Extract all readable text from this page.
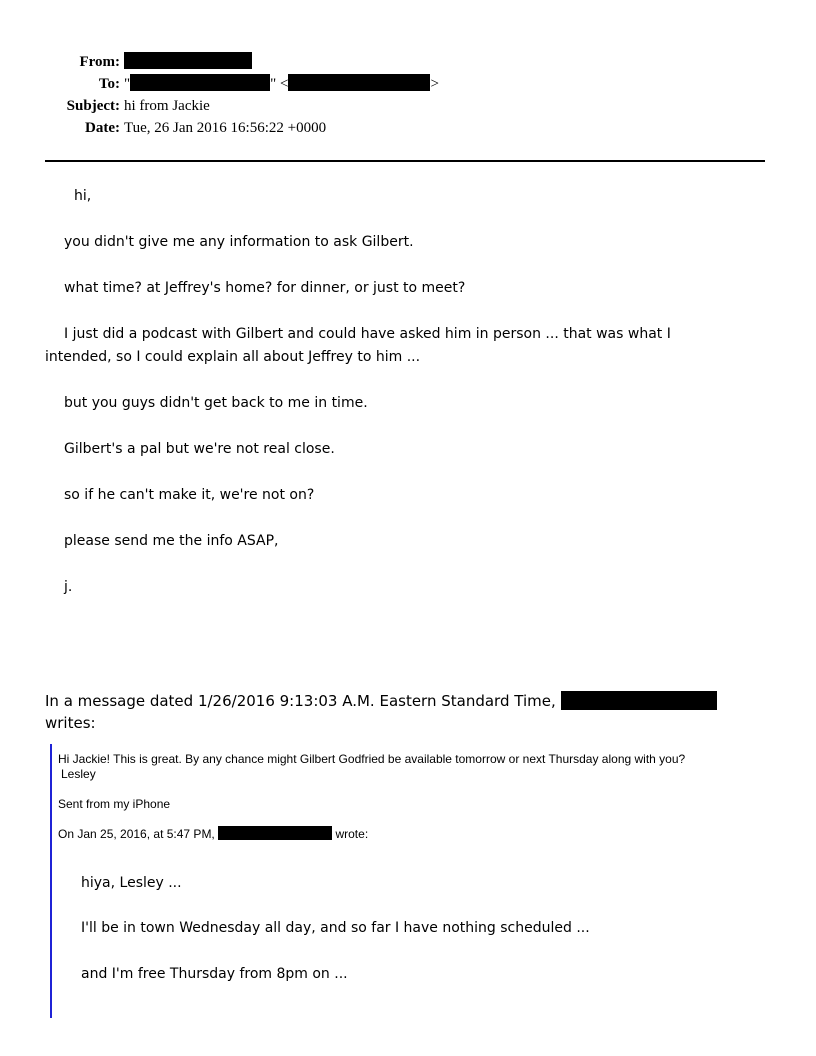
From:
To: "	" <	>
Subject: hi from Jackie
Date: Tue, 26 Jan 2016 16:56:22 +0000
hi,
you didn't give me any information to ask Gilbert.
what time? at Jeffrey's home? for dinner, or just to meet?
I just did a podcast with Gilbert and could have asked him in person ... that was what I
intended, so I could explain all about Jeffrey to him ...
but you guys didn't get back to me in time.
Gilbert's a pal but we're not real close.
so if he can't make it, we're not on?
please send me the info ASAP,
j.
In a message dated 1/26/2016 9:13:03 A.M. Eastern Standard Time,
writes:
Hi Jackie! This is great. By any chance might Gilbert Godfried be available tomorrow or next Thursday along with you?
Lesley
Sent from my iPhone
On Jan 25, 2016, at 5:47 PM,	wrote:
hiya, Lesley ...
I'll be in town Wednesday all day, and so far I have nothing scheduled ...
and I'm free Thursday from 8pm on ...
